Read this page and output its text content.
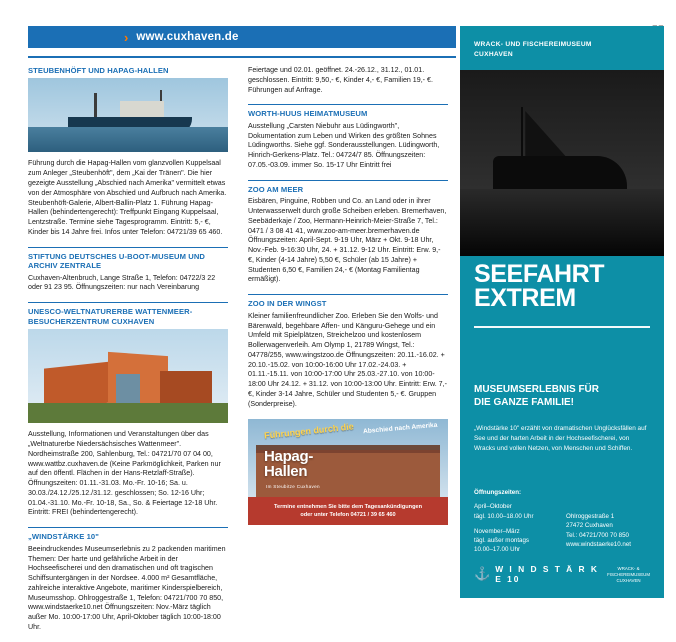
› www.cuxhaven.de
STEUBENHÖFT UND HAPAG-HALLEN

Führung durch die Hapag-Hallen vom glanzvollen Kuppelsaal zum Anleger „Steubenhöft", dem „Kai der Tränen". Die hier gezeigte Ausstellung „Abschied nach Amerika" vermittelt etwas von der Atmosphäre von Abschied und Aufbruch nach Amerika. Steubenhöft-Galerie, Albert-Ballin-Platz 1. Führung Hapag-Hallen (behindertengerecht): Treffpunkt Eingang Kuppelsaal, Lentzstraße. Termine siehe Tagesprogramm. Eintritt: 5,- €, Kinder bis 14 Jahre frei. Infos unter Telefon: 04721/39 65 460.

STIFTUNG DEUTSCHES U-BOOT-MUSEUM UND ARCHIV ZENTRALE

Cuxhaven-Altenbruch, Lange Straße 1, Telefon: 04722/3 22 oder 91 23 95. Öffnungszeiten: nur nach Vereinbarung

UNESCO-WELTNATURERBE WATTENMEER-BESUCHERZENTRUM CUXHAVEN

Ausstellung, Informationen und Veranstaltungen über das „Weltnaturerbe Niedersächsisches Wattenmeer". Nordheimstraße 200, Sahlenburg, Tel.: 04721/70 07 04 00, www.wattbz.cuxhaven.de (Keine Parkmöglichkeit, Parken nur auf den öffentl. Flächen in der Hans-Retzlaff-Straße). Öffnungszeiten: 01.11.-31.03. Mo.-Fr. 10-16; Sa. u. 30.03./24.12./25.12./31.12. geschlossen; So. 12-16 Uhr; 01.04.-31.10. Mo.-Fr. 10-18, Sa., So. & Feiertage 12-18 Uhr. Eintritt: FREI (behindertengerecht).

„WINDSTÄRKE 10"

Beeindruckendes Museumserlebnis zu 2 packenden maritimen Themen: Der harte und gefährliche Arbeit in der Hochseefischerei und den dramatischen und oft tragischen Schiffsuntergängen in der Nordsee. 4.000 m² Gesamtfläche, zahlreiche interaktive Angebote, maritimer Kinderspielbereich, Museumsshop. Ohlroggestraße 1, Telefon: 04721/700 70 850, www.windstaerke10.net Öffnungszeiten: Nov.-März täglich außer Mo. 10:00-17:00 Uhr, April-Oktober täglich 10:00-18:00 Uhr.

Feiertage und 02.01. geöffnet. 24.-26.12., 31.12., 01.01. geschlossen. Eintritt: 9,50,- €, Kinder 4,- €, Familien 19,- €. Führungen auf Anfrage.

WORTH-HUUS HEIMATMUSEUM

Ausstellung „Carsten Niebuhr aus Lüdingworth", Dokumentation zum Leben und Wirken des größten Sohnes Lüdingworths. Siehe ggf. Sonderausstellungen. Lüdingworth, Hinrich-Gerkens-Platz. Tel.: 04724/7 85. Öffnungszeiten: 07.05.-03.09. immer So. 15-17 Uhr Eintritt frei

ZOO AM MEER

Eisbären, Pinguine, Robben und Co. an Land oder in ihrer Unterwasserwelt durch große Scheiben erleben. Bremerhaven, Seebäderkaje / Zoo, Hermann-Heinrich-Meier-Straße 7, Tel.: 0471 / 3 08 41 41, www.zoo-am-meer.bremerhaven.de Öffnungszeiten: April-Sept. 9-19 Uhr, März + Okt. 9-18 Uhr, Nov.-Feb. 9-16:30 Uhr, 24. + 31.12. 9-12 Uhr. Eintritt: Erw. 9,- €, Kinder (4-14 Jahre) 5,50 €, Schüler (ab 15 Jahre) + Studenten 6,50 €, Familien 24,- € (Montag Familientag ermäßigt).

ZOO IN DER WINGST

Kleiner familienfreundlicher Zoo. Erleben Sie den Wolfs- und Bärenwald, begehbare Affen- und Känguru-Gehege und ein Umfeld mit Spielplätzen, Streichelzoo und kostenlosem Bollerwagenverleih. Am Olymp 1, 21789 Wingst, Tel.: 04778/255, www.wingstzoo.de Öffnungszeiten: 20.11.-16.02. + 20.10.-15.02. von 10:00-16:00 Uhr 17.02.-24.03. + 01.11.-15.11. von 10:00-17:00 Uhr 25.03.-27.10. von 10:00-18:00 Uhr 24.12. + 31.12. von 10:00-13:00 Uhr. Eintritt: Erw. 7,- €, Kinder 3-14 Jahre, Schüler und Studenten 5,- €. Gruppen (Sonderpreise).

Führungen durch die Abschied nach Amerika
Hapag-
Hallen
Im Steubitze Cuxhaven
Termine entnehmen Sie bitte dem Tagesankündigungen
oder unter Telefon 04721 / 39 65 460
WRACK- UND FISCHEREIMUSEUM
CUXHAVEN
SEEFAHRT
EXTREM
MUSEUMSERLEBNIS FÜR
DIE GANZE FAMILIE!
„Windstärke 10" erzählt von dramatischen Unglücksfällen auf See und der harten Arbeit in der Hochseefischerei, von Wracks und vollen Netzen, von Menschen und Schiffen.
Öffnungszeiten:
April–Oktober
tägl. 10.00–18.00 Uhr
November–März
tägl. außer montags
10.00–17.00 Uhr
Ohlroggestraße 1
27472 Cuxhaven
Tel.: 04721/700 70 850
www.windstaerke10.net
⚓ W I N D S T Ä R K E 10
WRACK- &
FISCHEREIMUSEUM
CUXHAVEN
